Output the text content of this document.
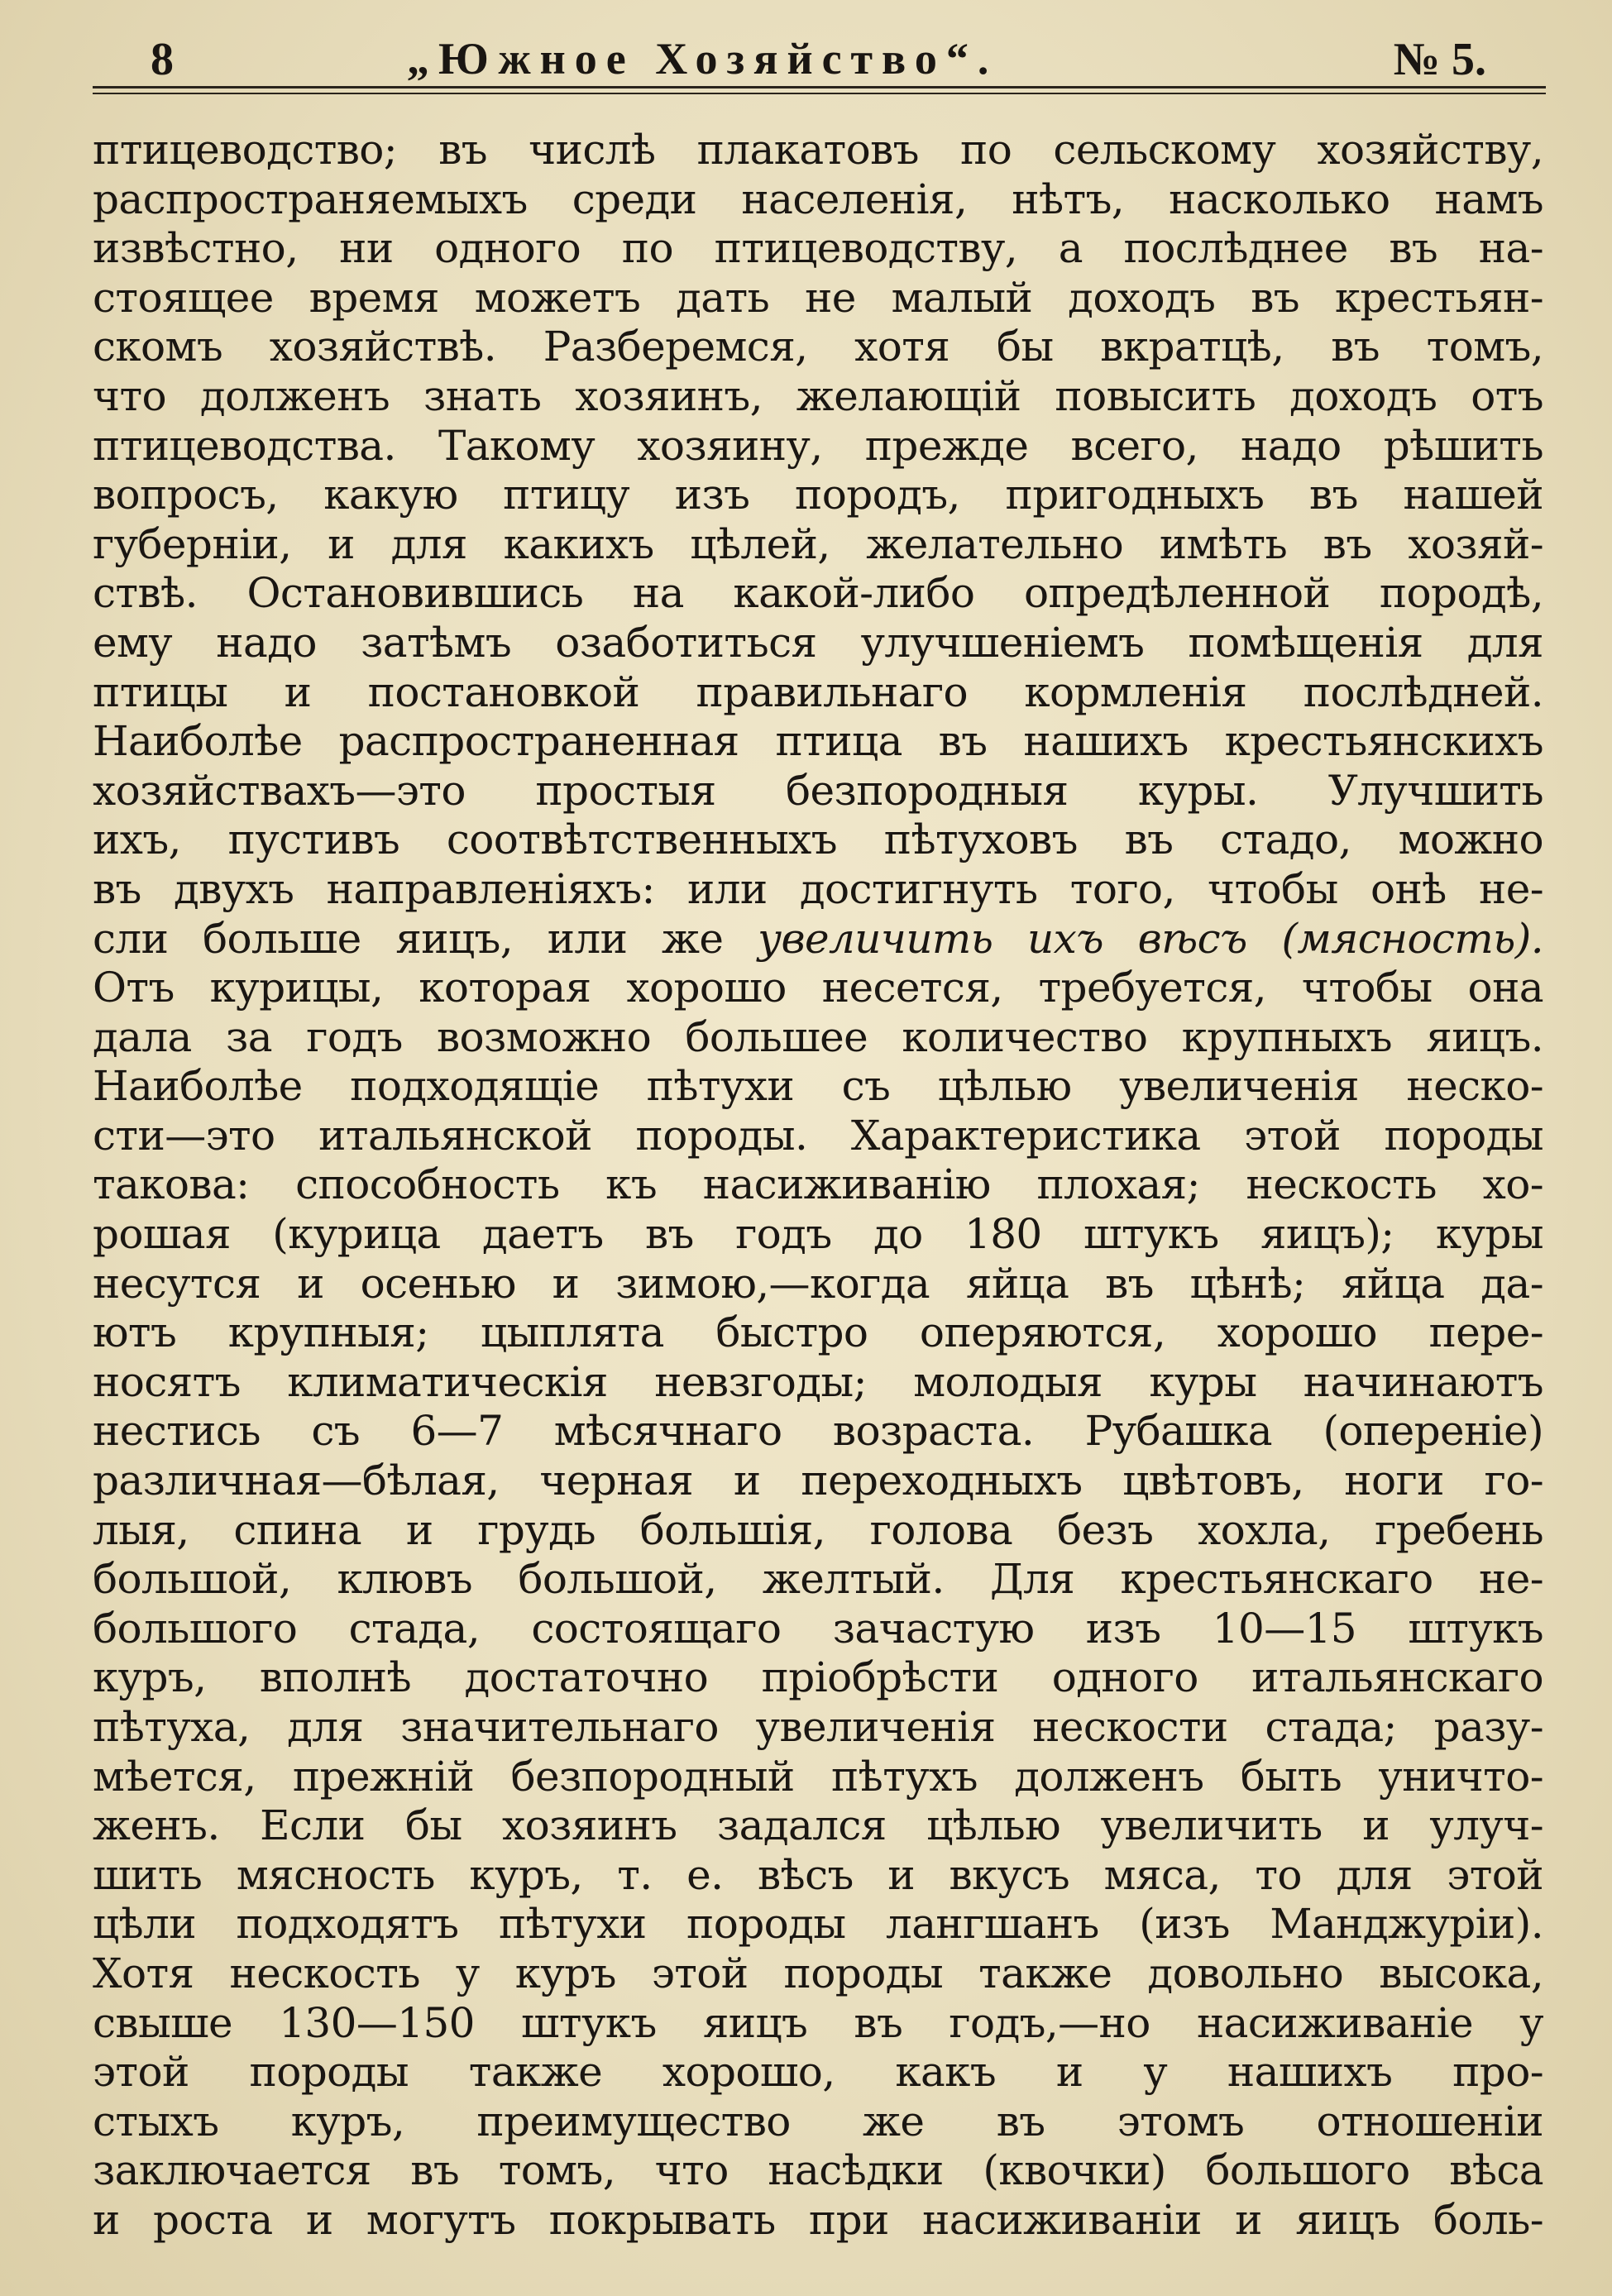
8	„Южное Хозяйство“.	№ 5.
птицеводство; въ числѣ плакатовъ по сельскому хозяйству,
распространяемыхъ среди населенія, нѣтъ, насколько намъ
извѣстно, ни одного по птицеводству, а послѣднее въ на-
стоящее время можетъ дать не малый доходъ въ крестьян-
скомъ хозяйствѣ. Разберемся, хотя бы вкратцѣ, въ томъ,
что долженъ знать хозяинъ, желающій повысить доходъ отъ
птицеводства. Такому хозяину, прежде всего, надо рѣшить
вопросъ, какую птицу изъ породъ, пригодныхъ въ нашей
губерніи, и для какихъ цѣлей, желательно имѣть въ хозяй-
ствѣ. Остановившись на какой-либо опредѣленной породѣ,
ему надо затѣмъ озаботиться улучшеніемъ помѣщенія для
птицы и постановкой правильнаго кормленія послѣдней.
Наиболѣе распространенная птица въ нашихъ крестьянскихъ
хозяйствахъ—это простыя безпородныя куры. Улучшить
ихъ, пустивъ соотвѣтственныхъ пѣтуховъ въ стадо, можно
въ двухъ направленіяхъ: или достигнуть того, чтобы онѣ не-
сли больше яицъ, или же увеличить ихъ вѣсъ (мясность).
Отъ курицы, которая хорошо несется, требуется, чтобы она
дала за годъ возможно большее количество крупныхъ яицъ.
Наиболѣе подходящіе пѣтухи съ цѣлью увеличенія неско-
сти—это итальянской породы. Характеристика этой породы
такова: способность къ насиживанію плохая; нескость хо-
рошая (курица даетъ въ годъ до 180 штукъ яицъ); куры
несутся и осенью и зимою,—когда яйца въ цѣнѣ; яйца да-
ютъ крупныя; цыплята быстро оперяются, хорошо пере-
носятъ климатическія невзгоды; молодыя куры начинаютъ
нестись съ 6—7 мѣсячнаго возраста. Рубашка (опереніе)
различная—бѣлая, черная и переходныхъ цвѣтовъ, ноги го-
лыя, спина и грудь большія, голова безъ хохла, гребень
большой, клювъ большой, желтый. Для крестьянскаго не-
большого стада, состоящаго зачастую изъ 10—15 штукъ
куръ, вполнѣ достаточно пріобрѣсти одного итальянскаго
пѣтуха, для значительнаго увеличенія нескости стада; разу-
мѣется, прежній безпородный пѣтухъ долженъ быть уничто-
женъ. Если бы хозяинъ задался цѣлью увеличить и улуч-
шить мясность куръ, т. е. вѣсъ и вкусъ мяса, то для этой
цѣли подходятъ пѣтухи породы лангшанъ (изъ Манджуріи).
Хотя нескость у куръ этой породы также довольно высока,
свыше 130—150 штукъ яицъ въ годъ,—но насиживаніе у
этой породы также хорошо, какъ и у нашихъ про-
стыхъ куръ, преимущество же въ этомъ отношеніи
заключается въ томъ, что насѣдки (квочки) большого вѣса
и роста и могутъ покрывать при насиживаніи и яицъ боль-
